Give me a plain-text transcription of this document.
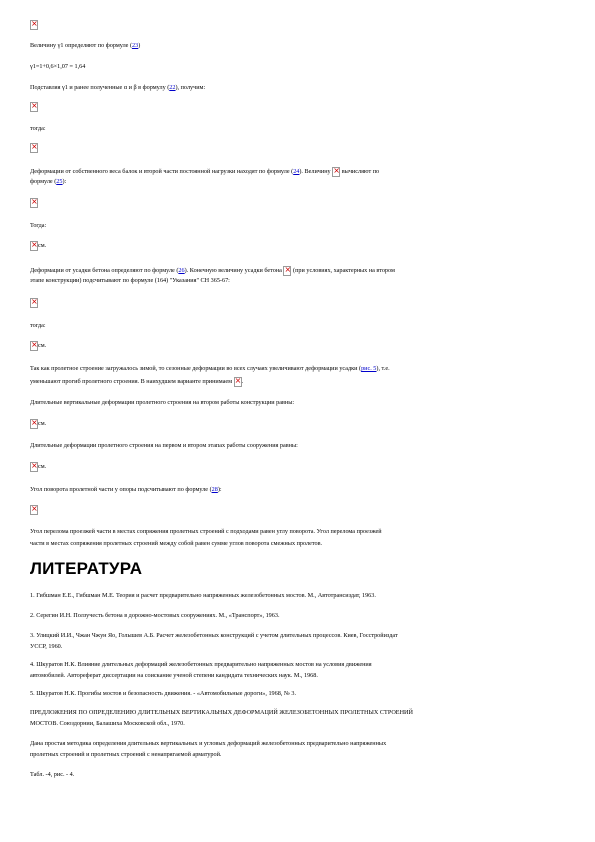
×
Величину γ1 определяют по формуле (23)
γ1=1+0,6×1,07 = 1,64
Подставляя γ1 и ранее полученные α и β в формулу (22), получим:
×
тогда:
×
Деформации от собственного веса балок и второй части постоянной нагрузки находят по формуле (24). Величину × вычисляют по
формуле (25):
×
Тогда:
×см.
Деформации от усадки бетона определяют по формуле (26). Конечную величину усадки бетона × (при условиях, характерных на втором
этапе конструкции) подсчитывают по формуле (164) "Указания" СН 365-67:
×
тогда:
×см.
Так как пролетное строение загружалось зимой, то сезонные деформации во всех случаях увеличивают деформации усадки (рис. 5), т.е.
уменьшают прогиб пролетного строения. В наихудшем варианте принимаем ×.
Длительные вертикальные деформации пролетного строения на втором работы конструкции равны:
×см.
Длительные деформации пролетного строения на первом и втором этапах работы сооружения равны:
×см.
Угол поворота пролетной части у опоры подсчитывают по формуле (28):
×
Угол перелома проезжей части в местах сопряжения пролетных строений с подходами равен углу поворота. Угол перелома проезжей
части в местах сопряжения пролетных строений между собой равен сумме углов поворота смежных пролетов.
ЛИТЕРАТУРА
1. Гибшман Е.Е., Гибшман М.Е. Теория и расчет предварительно напряженных железобетонных мостов. М., Автотрансиздат, 1963.
2. Серегин И.Н. Ползучесть бетона в дорожно-мостовых сооружениях. М., «Транспорт», 1963.
3. Улицкий И.И., Чжан Чжун Яо, Голышев А.Б. Расчет железобетонных конструкций с учетом длительных процессов. Киев, Госстройиздат
УССР, 1960.
4. Шкуратов Н.К. Влияние длительных деформаций железобетонных предварительно напряженных мостов на условия движения
автомобилей. Автореферат диссертации на соискание ученой степени кандидата технических наук. М., 1968.
5. Шкуратов Н.К. Прогибы мостов и безопасность движения. - «Автомобильные дороги», 1968, № 3.
ПРЕДЛОЖЕНИЯ ПО ОПРЕДЕЛЕНИЮ ДЛИТЕЛЬНЫХ ВЕРТИКАЛЬНЫХ ДЕФОРМАЦИЙ ЖЕЛЕЗОБЕТОННЫХ ПРОЛЕТНЫХ СТРОЕНИЙ
МОСТОВ. Союздорнии, Балашиха Московской обл., 1970.
Дана простая методика определения длительных вертикальных и угловых деформаций железобетонных предварительно напряженных
пролетных строений и пролетных строений с ненапрягаемой арматурой.
Табл. -4, рис. - 4.
